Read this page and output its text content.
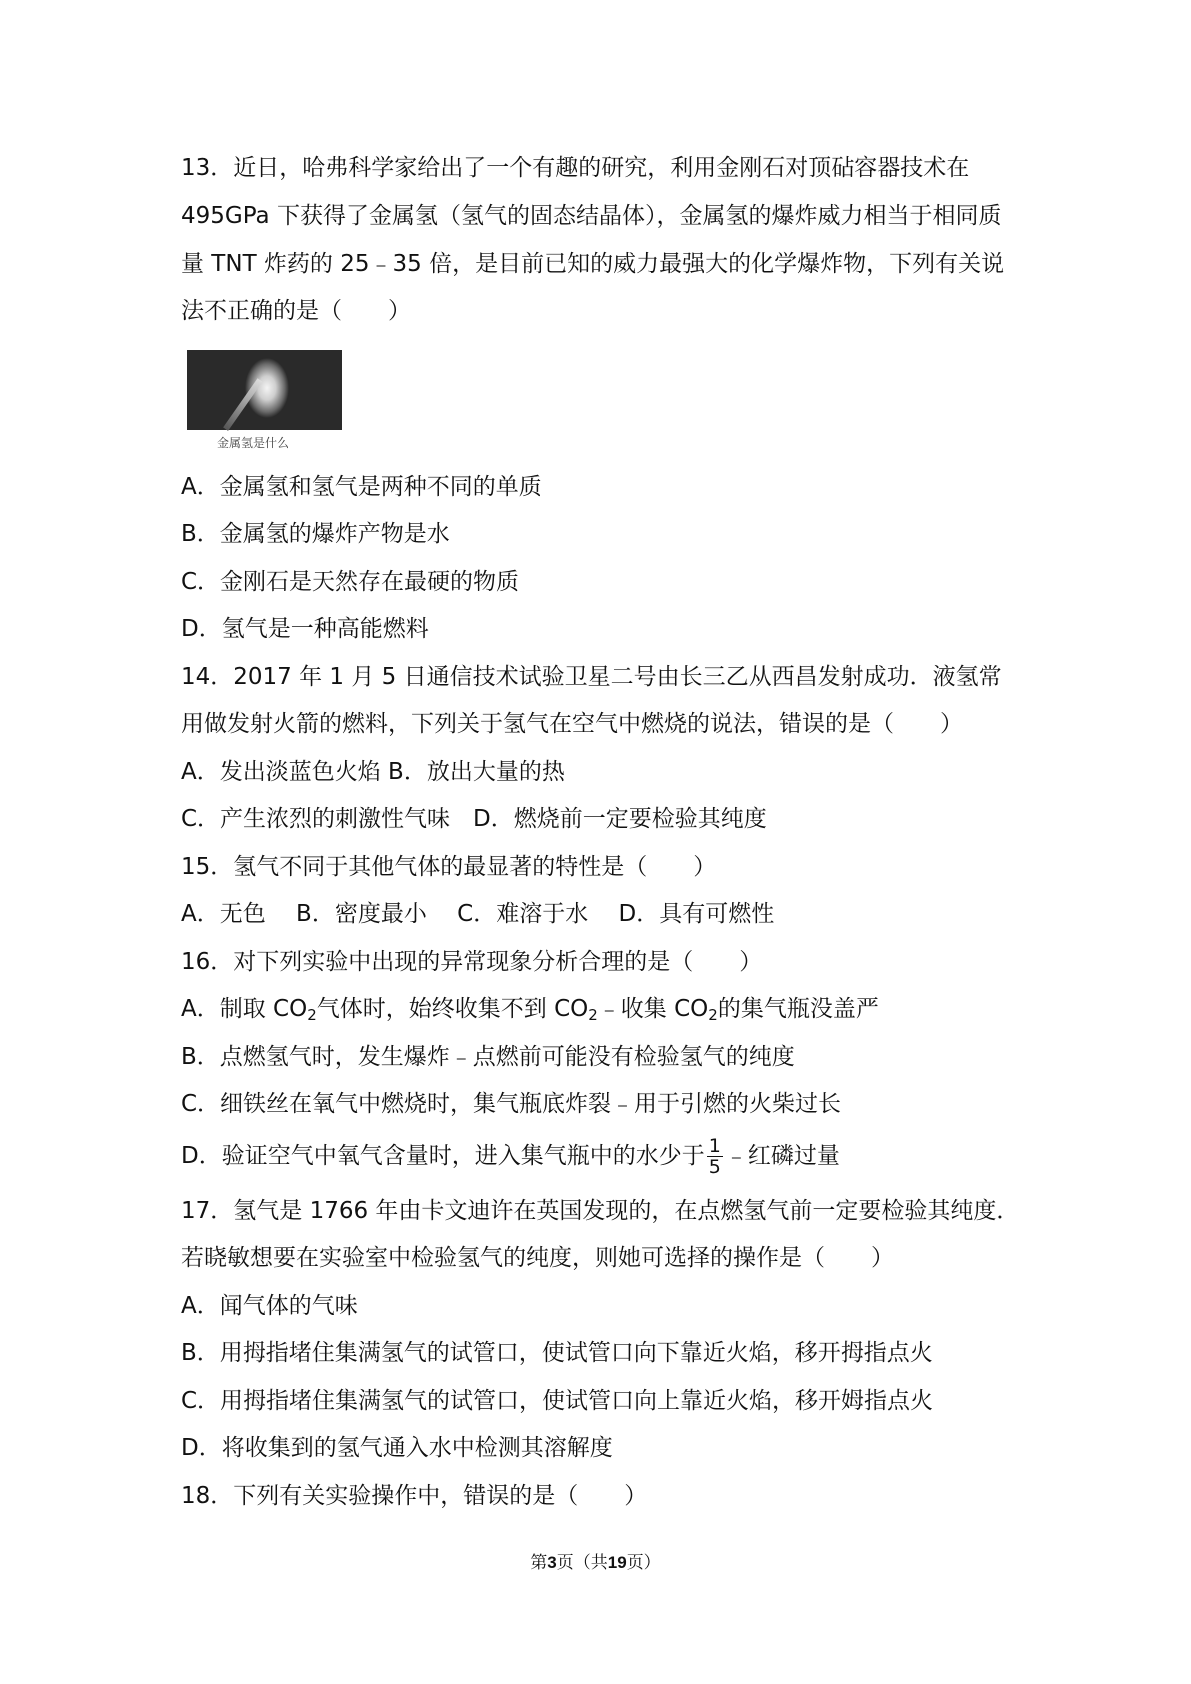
13．近日，哈弗科学家给出了一个有趣的研究，利用金刚石对顶砧容器技术在
495GPa 下获得了金属氢（氢气的固态结晶体），金属氢的爆炸威力相当于相同质
量 TNT 炸药的 25﹣35 倍，是目前已知的威力最强大的化学爆炸物，下列有关说
法不正确的是（　　）
金属氢是什么
A．金属氢和氢气是两种不同的单质
B．金属氢的爆炸产物是水
C．金刚石是天然存在最硬的物质
D．氢气是一种高能燃料
14．2017 年 1 月 5 日通信技术试验卫星二号由长三乙从西昌发射成功．液氢常
用做发射火箭的燃料，下列关于氢气在空气中燃烧的说法，错误的是（　　）
A．发出淡蓝色火焰 B．放出大量的热
C．产生浓烈的刺激性气味　D．燃烧前一定要检验其纯度
15．氢气不同于其他气体的最显著的特性是（　　）
A．无色　 B．密度最小　 C．难溶于水　 D．具有可燃性
16．对下列实验中出现的异常现象分析合理的是（　　）
A．制取 $CO_2$气体时，始终收集不到 $CO_2﹣$收集 $CO_2$的集气瓶没盖严
B．点燃氢气时，发生爆炸﹣点燃前可能没有检验氢气的纯度
C．细铁丝在氧气中燃烧时，集气瓶底炸裂﹣用于引燃的火柴过长
D．验证空气中氧气含量时，进入集气瓶中的水少于 $\frac{1}{5}$ ﹣红磷过量
17．氢气是 1766 年由卡文迪许在英国发现的，在点燃氢气前一定要检验其纯度．
若晓敏想要在实验室中检验氢气的纯度，则她可选择的操作是（　　）
A．闻气体的气味
B．用拇指堵住集满氢气的试管口，使试管口向下靠近火焰，移开拇指点火
C．用拇指堵住集满氢气的试管口，使试管口向上靠近火焰，移开姆指点火
D．将收集到的氢气通入水中检测其溶解度
18．下列有关实验操作中，错误的是（　　）
第3页（共19页）
